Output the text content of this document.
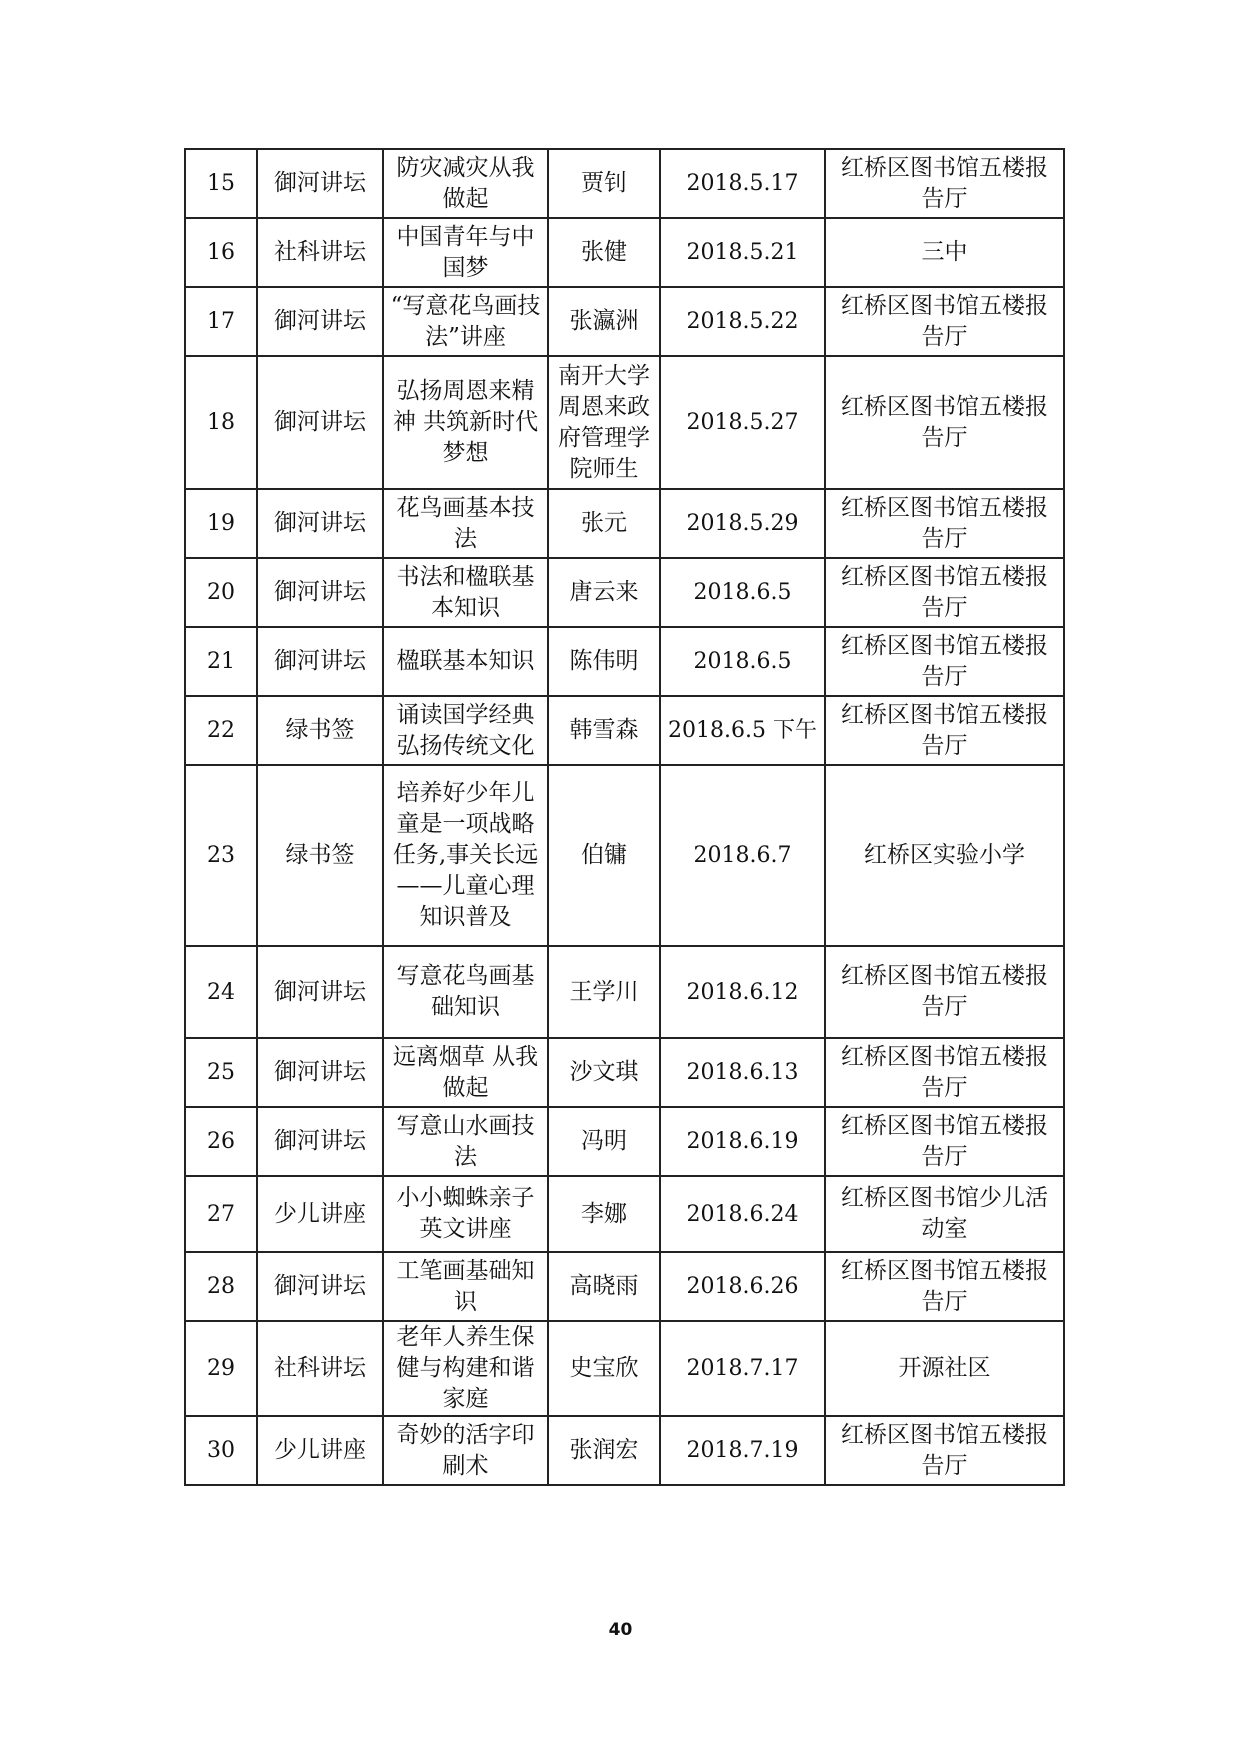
15	御河讲坛	防灾减灾从我做起	贾钊	2018.5.17	红桥区图书馆五楼报告厅
16	社科讲坛	中国青年与中国梦	张健	2018.5.21	三中
17	御河讲坛	“写意花鸟画技法”讲座	张瀛洲	2018.5.22	红桥区图书馆五楼报告厅
18	御河讲坛	弘扬周恩来精神 共筑新时代梦想	南开大学周恩来政府管理学院师生	2018.5.27	红桥区图书馆五楼报告厅
19	御河讲坛	花鸟画基本技法	张元	2018.5.29	红桥区图书馆五楼报告厅
20	御河讲坛	书法和楹联基本知识	唐云来	2018.6.5	红桥区图书馆五楼报告厅
21	御河讲坛	楹联基本知识	陈伟明	2018.6.5	红桥区图书馆五楼报告厅
22	绿书签	诵读国学经典弘扬传统文化	韩雪森	2018.6.5 下午	红桥区图书馆五楼报告厅
23	绿书签	培养好少年儿童是一项战略任务,事关长远——儿童心理知识普及	伯镛	2018.6.7	红桥区实验小学
24	御河讲坛	写意花鸟画基础知识	王学川	2018.6.12	红桥区图书馆五楼报告厅
25	御河讲坛	远离烟草 从我做起	沙文琪	2018.6.13	红桥区图书馆五楼报告厅
26	御河讲坛	写意山水画技法	冯明	2018.6.19	红桥区图书馆五楼报告厅
27	少儿讲座	小小蜘蛛亲子英文讲座	李娜	2018.6.24	红桥区图书馆少儿活动室
28	御河讲坛	工笔画基础知识	高晓雨	2018.6.26	红桥区图书馆五楼报告厅
29	社科讲坛	老年人养生保健与构建和谐家庭	史宝欣	2018.7.17	开源社区
30	少儿讲座	奇妙的活字印刷术	张润宏	2018.7.19	红桥区图书馆五楼报告厅
40
